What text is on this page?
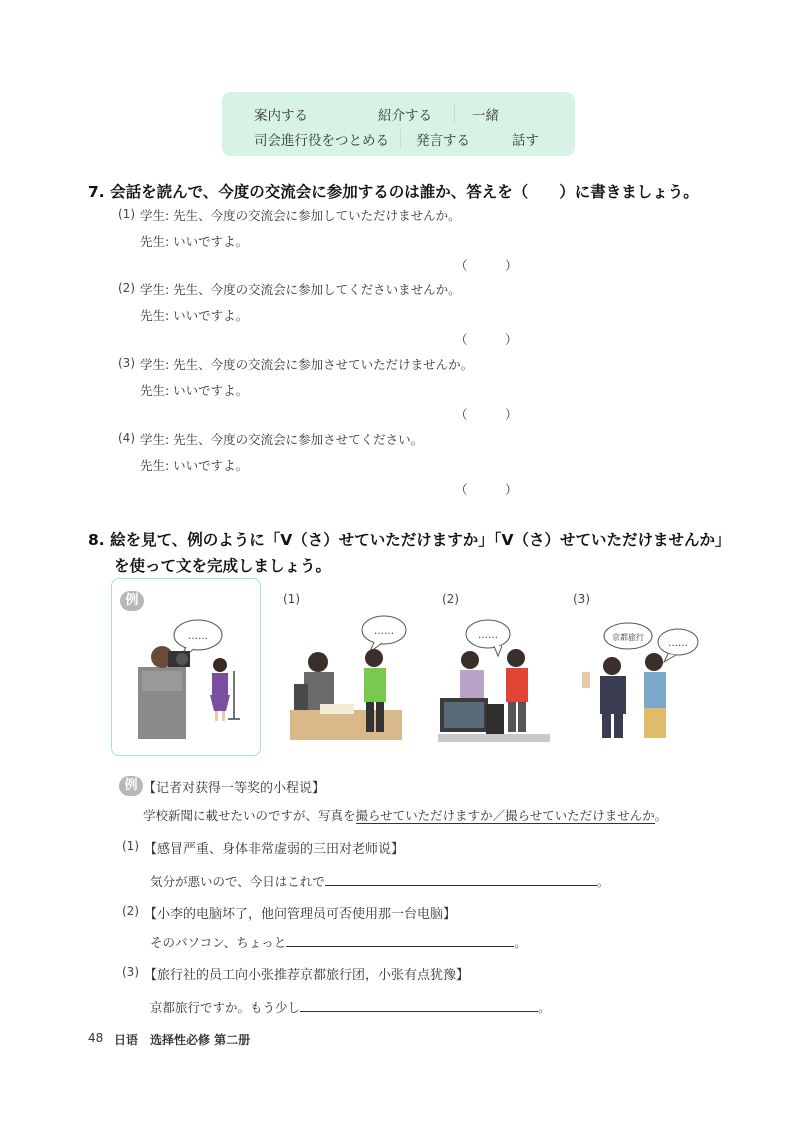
案内する	紹介する	一緒
司会進行役をつとめる 発言する	話す
7. 会話を読んで、今度の交流会に参加するのは誰か、答えを（　　）に書きましょう。
(1) 学生: 先生、今度の交流会に参加していただけませんか。
先生: いいですよ。
（　　　）
(2) 学生: 先生、今度の交流会に参加してくださいませんか。
先生: いいですよ。
（　　　）
(3) 学生: 先生、今度の交流会に参加させていただけませんか。
先生: いいですよ。
（　　　）
(4) 学生: 先生、今度の交流会に参加させてください。
先生: いいですよ。
（　　　）
8. 絵を見て、例のように「V（さ）せていただけますか」「V（さ）せていただけませんか」
を使って文を完成しましょう。
例
……
(1)
……
(2)
……
(3)
京都旅行
……
例 【记者对获得一等奖的小程说】
学校新聞に載せたいのですが、写真を撮らせていただけますか／撮らせていただけませんか。
(1) 【感冒严重、身体非常虚弱的三田对老师说】
気分が悪いので、今日はこれで	。
(2) 【小李的电脑坏了，他问管理员可否使用那一台电脑】
そのパソコン、ちょっと	。
(3) 【旅行社的员工向小张推荐京都旅行团，小张有点犹豫】
京都旅行ですか。もう少し	。
48 日语　选择性必修 第二册
